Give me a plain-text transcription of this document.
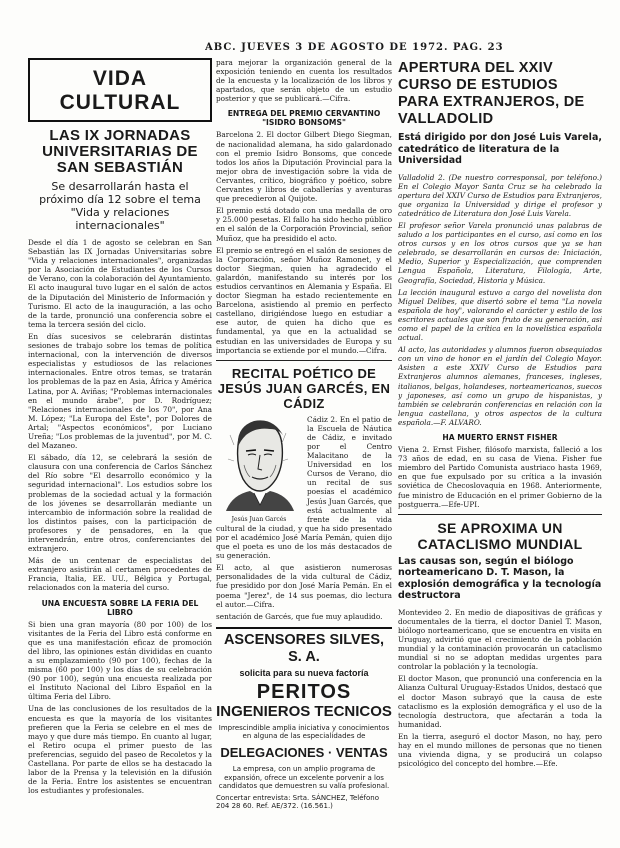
ABC. JUEVES 3 DE AGOSTO DE 1972. PAG. 23
VIDA CULTURAL
LAS IX JORNADAS UNIVERSITARIAS DE SAN SEBASTIÁN
Se desarrollarán hasta el próximo día 12 sobre el tema "Vida y relaciones internacionales"

Desde el día 1 de agosto se celebran en San Sebastián las IX Jornadas Universitarias sobre "Vida y relaciones internacionales", organizadas por la Asociación de Estudiantes de los Cursos de Verano, con la colaboración del Ayuntamiento. El acto inaugural tuvo lugar en el salón de actos de la Diputación del Ministerio de Información y Turismo. El acto de la inauguración, a las ocho de la tarde, pronunció una conferencia sobre el tema la tercera sesión del ciclo.

En días sucesivos se celebrarán distintas sesiones de trabajo sobre los temas de política internacional, con la intervención de diversos especialistas y estudiosos de las relaciones internacionales. Entre otros temas, se tratarán los problemas de la paz en Asia, África y América Latina, por A. Aviñas; "Problemas internacionales en el mundo árabe", por D. Rodríguez; "Relaciones internacionales de los 70", por Ana M. López; "La Europa del Este", por Dolores de Artal; "Aspectos económicos", por Luciano Ureña; "Los problemas de la juventud", por M. C. del Mazaneo.

El sábado, día 12, se celebrará la sesión de clausura con una conferencia de Carlos Sánchez del Río sobre "El desarrollo económico y la seguridad internacional". Los estudios sobre los problemas de la sociedad actual y la formación de los jóvenes se desarrollarán mediante un intercambio de información sobre la realidad de los distintos países, con la participación de profesores y de pensadores, en la que intervendrán, entre otros, conferenciantes del extranjero.

Más de un centenar de especialistas del extranjero asistirán al certamen procedentes de Francia, Italia, EE. UU., Bélgica y Portugal, relacionados con la materia del curso.

UNA ENCUESTA SOBRE LA FERIA DEL LIBRO

Si bien una gran mayoría (80 por 100) de los visitantes de la Feria del Libro está conforme en que es una manifestación eficaz de promoción del libro, las opiniones están divididas en cuanto a su emplazamiento (90 por 100), fechas de la misma (60 por 100) y los días de su celebración (90 por 100), según una encuesta realizada por el Instituto Nacional del Libro Español en la última Feria del Libro.

Una de las conclusiones de los resultados de la encuesta es que la mayoría de los visitantes prefieren que la Feria se celebre en el mes de mayo y que dure más tiempo. En cuanto al lugar, el Retiro ocupa el primer puesto de las preferencias, seguido del paseo de Recoletos y la Castellana. Por parte de ellos se ha destacado la labor de la Prensa y la televisión en la difusión de la Feria. Entre los asistentes se encuentran los estudiantes y profesionales.

para mejorar la organización general de la exposición teniendo en cuenta los resultados de la encuesta y la localización de los libros y apartados, que serán objeto de un estudio posterior y que se publicará.—Cifra.

ENTREGA DEL PREMIO CERVANTINO "ISIDRO BONSOMS"

Barcelona 2. El doctor Gilbert Diego Siegman, de nacionalidad alemana, ha sido galardonado con el premio Isidro Bonsoms, que concede todos los años la Diputación Provincial para la mejor obra de investigación sobre la vida de Cervantes, crítico, biográfico y poético, sobre Cervantes y libros de caballerías y aventuras que precedieron al Quijote.

El premio está dotado con una medalla de oro y 25.000 pesetas. El fallo ha sido hecho público en el salón de la Corporación Provincial, señor Muñoz, que ha presidido el acto.

El premio se entregó en el salón de sesiones de la Corporación, señor Muñoz Ramonet, y el doctor Siegman, quien ha agradecido el galardón, manifestando su interés por los estudios cervantinos en Alemania y España. El doctor Siegman ha estado recientemente en Barcelona, asistiendo al premio en perfecto castellano, dirigiéndose luego en estudiar a ese autor, de quien ha dicho que es fundamental, ya que en la actualidad se estudian en las universidades de Europa y su importancia se extiende por el mundo.—Cifra.

RECITAL POÉTICO DE JESÚS JUAN GARCÉS, EN CÁDIZ
Jesús Juan Garcés

Cádiz 2. En el patio de la Escuela de Náutica de Cádiz, e invitado por el Centro Malacitano de la Universidad en los Cursos de Verano, dio un recital de sus poesías el académico Jesús Juan Garcés, que está actualmente al frente de la vida cultural de la ciudad, y que ha sido presentado por el académico José María Pemán, quien dijo que el poeta es uno de los más destacados de su generación.

El acto, al que asistieron numerosas personalidades de la vida cultural de Cádiz, fue presidido por don José María Pemán. En el poema "Jerez", de 14 sus poemas, dio lectura el autor.—Cifra.

sentación de Garcés, que fue muy aplaudido.

ASCENSORES SILVES, S. A.
solicita para su nueva factoría
PERITOS
INGENIEROS TECNICOS
Imprescindible amplia iniciativa y conocimientos en alguna de las especialidades de
DELEGACIONES · VENTAS
La empresa, con un amplio programa de expansión, ofrece un excelente porvenir a los candidatos que demuestren su valía profesional.
Concertar entrevista: Srta. SÁNCHEZ, Teléfono 204 28 60. Ref. AE/372. (16.561.)
APERTURA DEL XXIV CURSO DE ESTUDIOS PARA EXTRANJEROS, DE VALLADOLID
Está dirigido por don José Luis Varela, catedrático de literatura de la Universidad

Valladolid 2. (De nuestro corresponsal, por teléfono.) En el Colegio Mayor Santa Cruz se ha celebrado la apertura del XXIV Curso de Estudios para Extranjeros, que organiza la Universidad y dirige el profesor y catedrático de Literatura don José Luis Varela.

El profesor señor Varela pronunció unas palabras de saludo a los participantes en el curso, así como en los otros cursos y en los otros cursos que ya se han celebrado, se desarrollarán en cursos de: Iniciación, Medio, Superior y Especialización, que comprenden Lengua Española, Literatura, Filología, Arte, Geografía, Sociedad, Historia y Música.

La lección inaugural estuvo a cargo del novelista don Miguel Delibes, que disertó sobre el tema "La novela española de hoy", valorando el carácter y estilo de los escritores actuales que son fruto de su generación, así como el papel de la crítica en la novelística española actual.

Al acto, las autoridades y alumnos fueron obsequiados con un vino de honor en el jardín del Colegio Mayor. Asisten a este XXIV Curso de Estudios para Extranjeros alumnos alemanes, franceses, ingleses, italianos, belgas, holandeses, norteamericanos, suecos y japoneses, así como un grupo de hispanistas, y también se celebrarán conferencias en relación con la lengua castellana, y otros aspectos de la cultura española.—F. ALVARO.

HA MUERTO ERNST FISHER

Viena 2. Ernst Fisher, filósofo marxista, falleció a los 73 años de edad, en su casa de Viena. Fisher fue miembro del Partido Comunista austriaco hasta 1969, en que fue expulsado por su crítica a la invasión soviética de Checoslovaquia en 1968. Anteriormente, fue ministro de Educación en el primer Gobierno de la postguerra.—Efe-UPI.

SE APROXIMA UN CATACLISMO MUNDIAL
Las causas son, según el biólogo norteamericano D. T. Mason, la explosión demográfica y la tecnología destructora

Montevideo 2. En medio de diapositivas de gráficas y documentales de la tierra, el doctor Daniel T. Mason, biólogo norteamericano, que se encuentra en visita en Uruguay, advirtió que el crecimiento de la población mundial y la contaminación provocarán un cataclismo mundial si no se adoptan medidas urgentes para controlar la población y la tecnología.

El doctor Mason, que pronunció una conferencia en la Alianza Cultural Uruguay-Estados Unidos, destacó que el doctor Mason subrayó que la causa de este cataclismo es la explosión demográfica y el uso de la tecnología destructora, que afectarán a toda la humanidad.

En la tierra, aseguró el doctor Mason, no hay, pero hay en el mundo millones de personas que no tienen una vivienda digna, y se producirá un colapso psicológico del concepto del hombre.—Efe.
